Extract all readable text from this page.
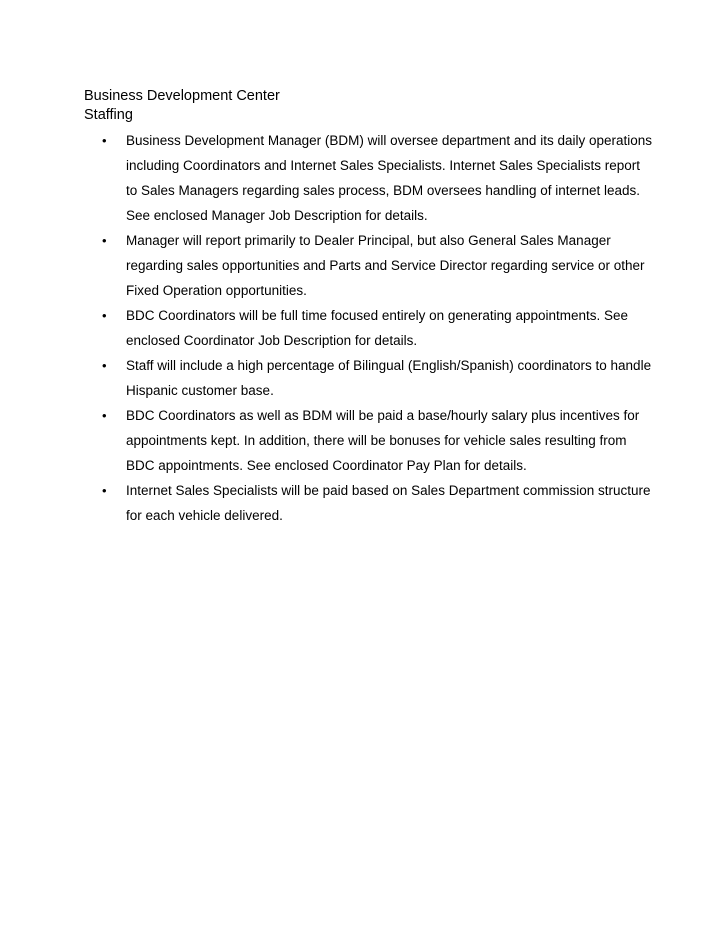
Business Development Center

Staffing

• Business Development Manager (BDM) will oversee department and its daily operations including Coordinators and Internet Sales Specialists. Internet Sales Specialists report to Sales Managers regarding sales process, BDM oversees handling of internet leads. See enclosed Manager Job Description for details.
• Manager will report primarily to Dealer Principal, but also General Sales Manager regarding sales opportunities and Parts and Service Director regarding service or other Fixed Operation opportunities.
• BDC Coordinators will be full time focused entirely on generating appointments. See enclosed Coordinator Job Description for details.
• Staff will include a high percentage of Bilingual (English/Spanish) coordinators to handle Hispanic customer base.
• BDC Coordinators as well as BDM will be paid a base/hourly salary plus incentives for appointments kept. In addition, there will be bonuses for vehicle sales resulting from BDC appointments. See enclosed Coordinator Pay Plan for details.
• Internet Sales Specialists will be paid based on Sales Department commission structure for each vehicle delivered.
